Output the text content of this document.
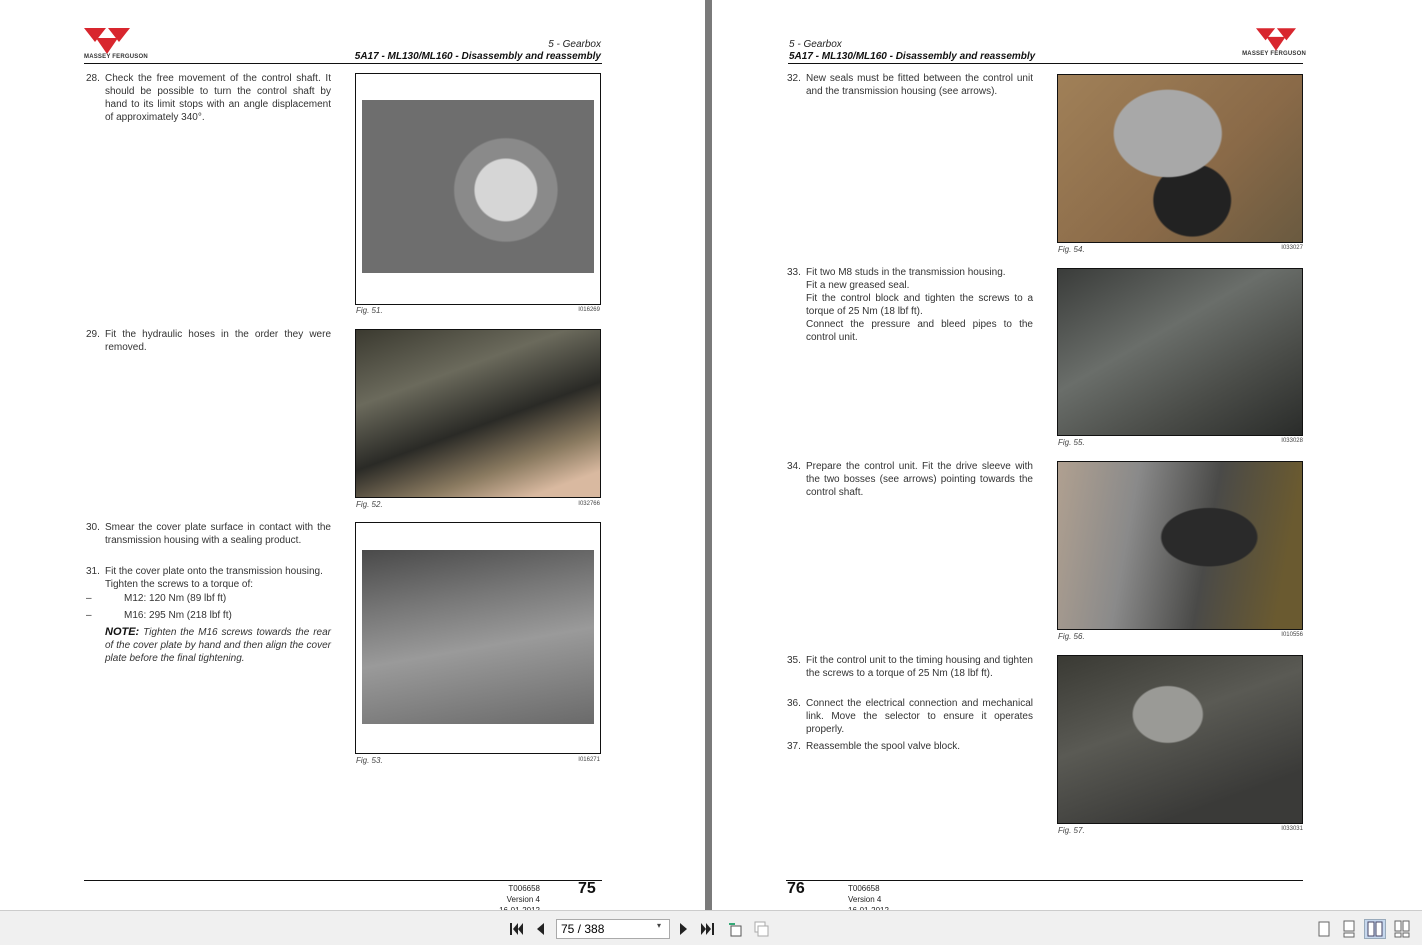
MASSEY FERGUSON
5 - Gearbox
5A17 - ML130/ML160 - Disassembly and reassembly
28. Check the free movement of the control shaft. It should be possible to turn the control shaft by hand to its limit stops with an angle displacement of approximately 340°.
29. Fit the hydraulic hoses in the order they were removed.
30. Smear the cover plate surface in contact with the transmission housing with a sealing product.
31. Fit the cover plate onto the transmission housing.
Tighten the screws to a torque of:
–	M12: 120 Nm (89 lbf ft)
–	M16: 295 Nm (218 lbf ft)
NOTE: Tighten the M16 screws towards the rear of the cover plate by hand and then align the cover plate before the final tightening.
Fig. 51.	I016269
Fig. 52.	I032766
Fig. 53.	I016271
T006658
Version 4
75
5 - Gearbox
5A17 - ML130/ML160 - Disassembly and reassembly	MASSEY FERGUSON
32. New seals must be fitted between the control unit and the transmission housing (see arrows).
33. Fit two M8 studs in the transmission housing.
Fit a new greased seal.
Fit the control block and tighten the screws to a torque of 25 Nm (18 lbf ft).
Connect the pressure and bleed pipes to the control unit.
34. Prepare the control unit. Fit the drive sleeve with the two bosses (see arrows) pointing towards the control shaft.
35. Fit the control unit to the timing housing and tighten the screws to a torque of 25 Nm (18 lbf ft).
36. Connect the electrical connection and mechanical link. Move the selector to ensure it operates properly.
37. Reassemble the spool valve block.
Fig. 54.	I033027
Fig. 55.	I033028
Fig. 56.	I010556
Fig. 57.	I033031
76	T006658
Version 4
75 / 388
▾
